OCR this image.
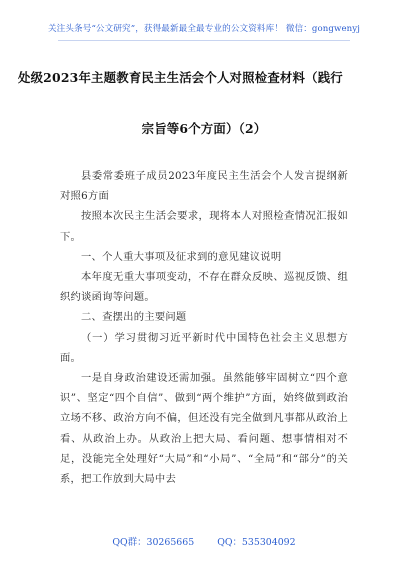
关注头条号“公文研究”，获得最新最全最专业的公文资料库！ 微信：gongwenyj
处级2023年主题教育民主生活会个人对照检查材料（践行
宗旨等6个方面）（2）

县委常委班子成员2023年度民主生活会个人发言提纲新对照6方面

按照本次民主生活会要求，现将本人对照检查情况汇报如下。

一、个人重大事项及征求到的意见建议说明

本年度无重大事项变动，不存在群众反映、巡视反馈、组织约谈函询等问题。

二、查摆出的主要问题

（一）学习贯彻习近平新时代中国特色社会主义思想方面。

一是自身政治建设还需加强。虽然能够牢固树立“四个意识”、坚定“四个自信”、做到“两个维护”方面，始终做到政治立场不移、政治方向不偏，但还没有完全做到凡事都从政治上看、从政治上办。从政治上把大局、看问题、想事情相对不足，没能完全处理好“大局”和“小局”、“全局”和“部分”的关系，把工作放到大局中去

QQ群：30265665 QQ：535304092
